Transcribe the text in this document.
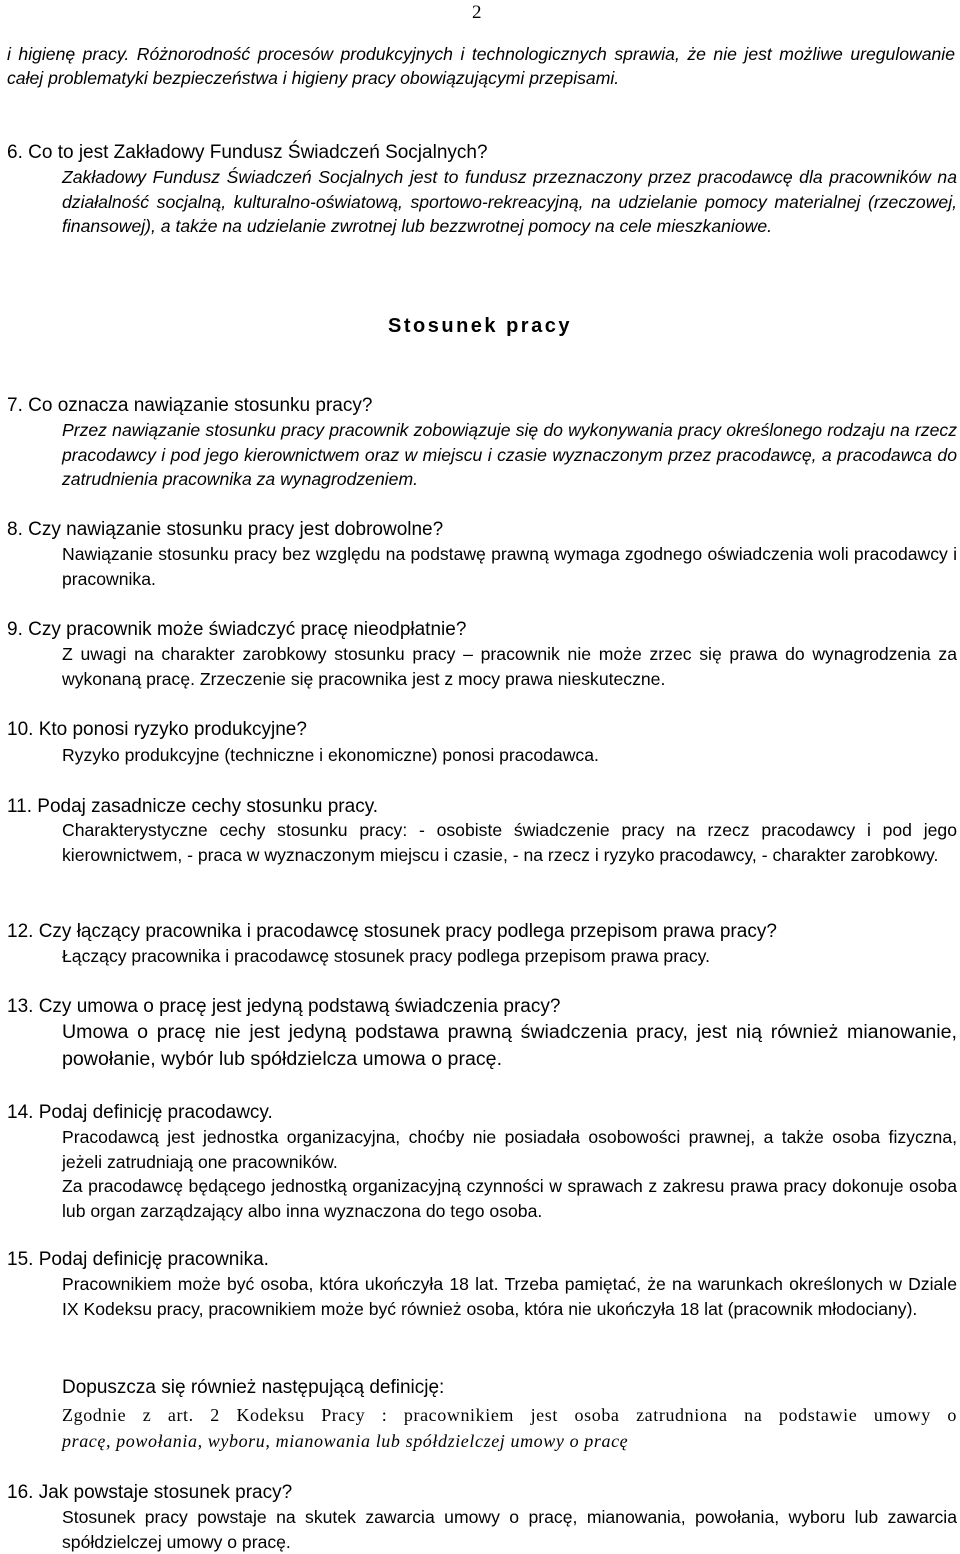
2

i higienę pracy. Różnorodność procesów produkcyjnych i technologicznych sprawia, że nie jest możliwe uregulowanie całej problematyki bezpieczeństwa i higieny pracy obowiązującymi przepisami.

6. Co to jest Zakładowy Fundusz Świadczeń Socjalnych?

Zakładowy Fundusz Świadczeń Socjalnych jest to fundusz przeznaczony przez pracodawcę dla pracowników na działalność socjalną, kulturalno-oświatową, sportowo-rekreacyjną, na udzielanie pomocy materialnej (rzeczowej, finansowej), a także na udzielanie zwrotnej lub bezzwrotnej pomocy na cele mieszkaniowe.

Stosunek pracy
7. Co oznacza nawiązanie stosunku pracy?

Przez nawiązanie stosunku pracy pracownik zobowiązuje się do wykonywania pracy określonego rodzaju na rzecz pracodawcy i pod jego kierownictwem oraz w miejscu i czasie wyznaczonym przez pracodawcę, a pracodawca do zatrudnienia pracownika za wynagrodzeniem.

8. Czy nawiązanie stosunku pracy jest dobrowolne?

Nawiązanie stosunku pracy bez względu na podstawę prawną wymaga zgodnego oświadczenia woli pracodawcy i pracownika.

9. Czy pracownik może świadczyć pracę nieodpłatnie?

Z uwagi na charakter zarobkowy stosunku pracy – pracownik nie może zrzec się prawa do wynagrodzenia za wykonaną pracę. Zrzeczenie się pracownika jest z mocy prawa nieskuteczne.

10. Kto ponosi ryzyko produkcyjne?

Ryzyko produkcyjne (techniczne i ekonomiczne) ponosi pracodawca.

11. Podaj zasadnicze cechy stosunku pracy.

Charakterystyczne cechy stosunku pracy: - osobiste świadczenie pracy na rzecz pracodawcy i pod jego kierownictwem, - praca w wyznaczonym miejscu i czasie, - na rzecz i ryzyko pracodawcy, - charakter zarobkowy.

12. Czy łączący pracownika i pracodawcę stosunek pracy podlega przepisom prawa pracy?

Łączący pracownika i pracodawcę stosunek pracy podlega przepisom prawa pracy.

13. Czy umowa o pracę jest jedyną podstawą świadczenia pracy?

Umowa o pracę nie jest jedyną podstawa prawną świadczenia pracy, jest nią również mianowanie, powołanie, wybór lub spółdzielcza umowa o pracę.

14. Podaj definicję pracodawcy.

Pracodawcą jest jednostka organizacyjna, choćby nie posiadała osobowości prawnej, a także osoba fizyczna, jeżeli zatrudniają one pracowników.

Za pracodawcę będącego jednostką organizacyjną czynności w sprawach z zakresu prawa pracy dokonuje osoba lub organ zarządzający albo inna wyznaczona do tego osoba.

15. Podaj definicję pracownika.

Pracownikiem może być osoba, która ukończyła 18 lat. Trzeba pamiętać, że na warunkach określonych w Dziale IX Kodeksu pracy, pracownikiem może być również osoba, która nie ukończyła 18 lat (pracownik młodociany).

Dopuszcza się również następującą definicję:
Zgodnie z art. 2 Kodeksu Pracy : pracownikiem jest osoba zatrudniona na podstawie umowy o
pracę, powołania, wyboru, mianowania lub spółdzielczej umowy o pracę
16. Jak powstaje stosunek pracy?

Stosunek pracy powstaje na skutek zawarcia umowy o pracę, mianowania, powołania, wyboru lub zawarcia spółdzielczej umowy o pracę.
